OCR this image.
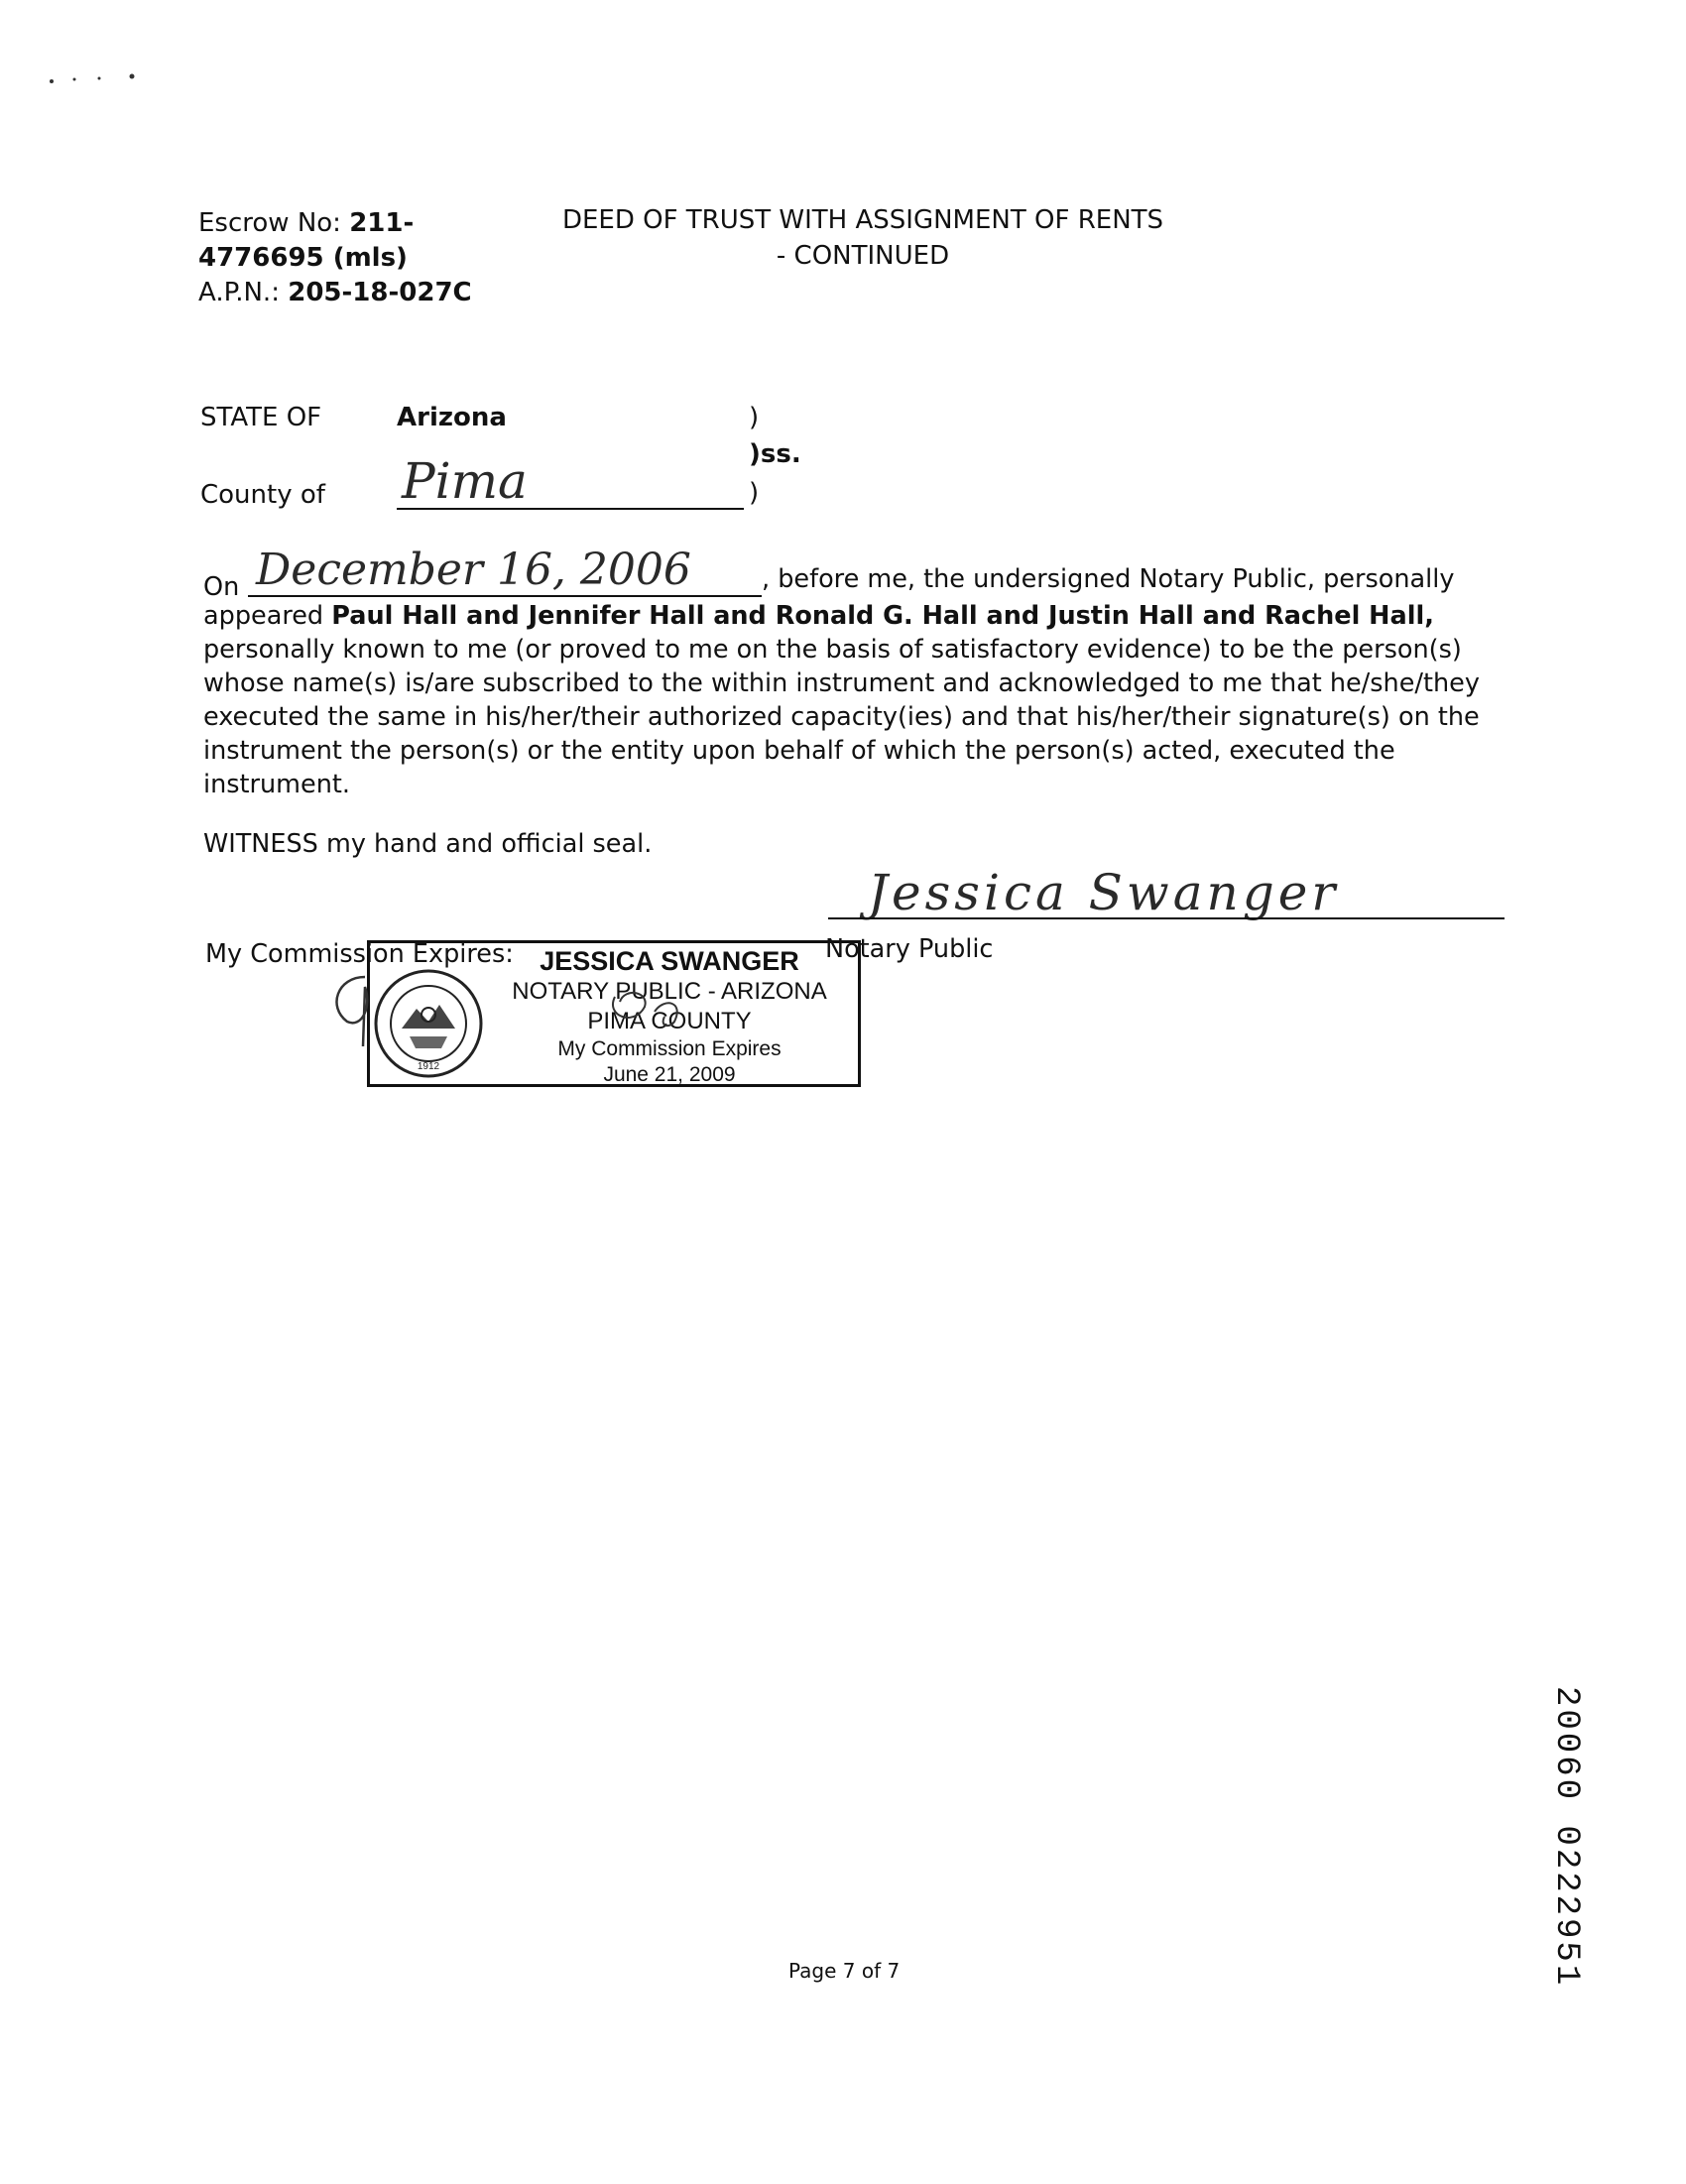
Escrow No: 211-
4776695 (mls)
A.P.N.: 205-18-027C
DEED OF TRUST WITH ASSIGNMENT OF RENTS
- CONTINUED
STATE OF	Arizona	)
)ss.
County of Pima	)
On December 16, 2006	, before me, the undersigned Notary Public, personally
appeared Paul Hall and Jennifer Hall and Ronald G. Hall and Justin Hall and Rachel Hall,
personally known to me (or proved to me on the basis of satisfactory evidence) to be the person(s)
whose name(s) is/are subscribed to the within instrument and acknowledged to me that he/she/they
executed the same in his/her/their authorized capacity(ies) and that his/her/their signature(s) on the
instrument the person(s) or the entity upon behalf of which the person(s) acted, executed the
instrument.
WITNESS my hand and official seal.
Jessica Swanger
Notary Public
My Commission Expires:
1912
JESSICA SWANGER
NOTARY PUBLIC - ARIZONA
PIMA COUNTY
My Commission Expires
June 21, 2009
Page 7 of 7	20060 0222951
